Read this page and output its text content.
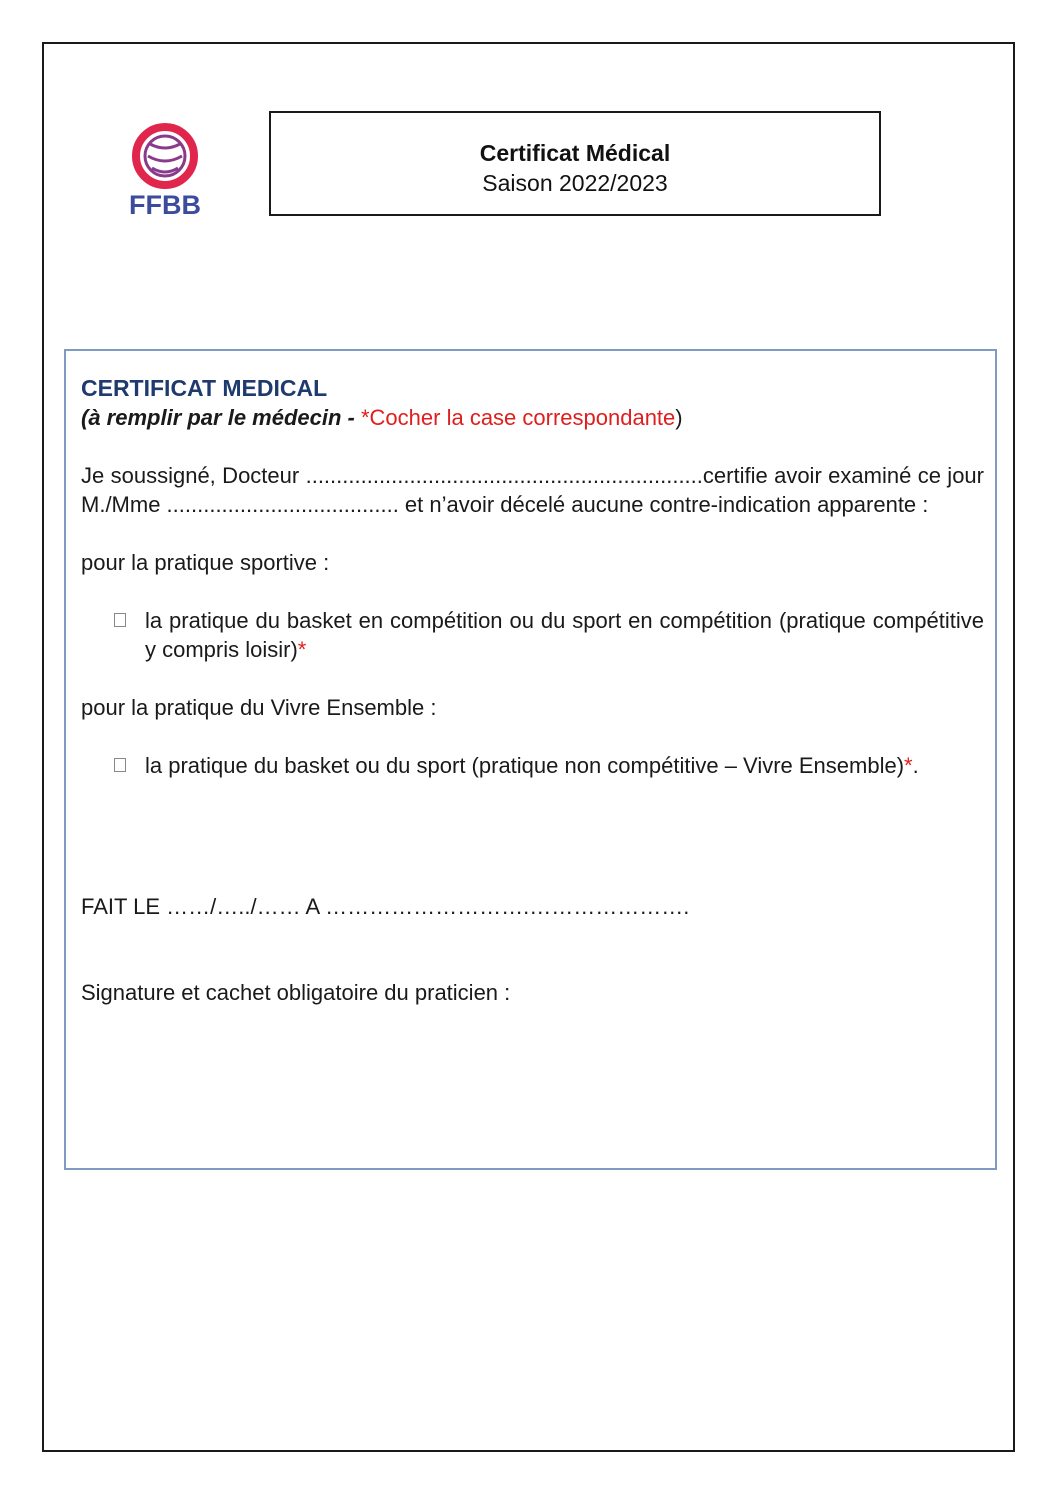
FFBB
Certificat Médical
Saison 2022/2023
CERTIFICAT MEDICAL
(à remplir par le médecin - *Cocher la case correspondante)
Je soussigné, Docteur .................................................................certifie avoir examiné ce jour M./Mme ...................................... et n’avoir décelé aucune contre-indication apparente :
pour la pratique sportive :
la pratique du basket en compétition ou du sport en compétition (pratique compétitive y compris loisir)*
pour la pratique du Vivre Ensemble :
la pratique du basket ou du sport (pratique non compétitive – Vivre Ensemble)*.
FAIT LE ……/…../…… A ……………………….………………….
Signature et cachet obligatoire du praticien :
